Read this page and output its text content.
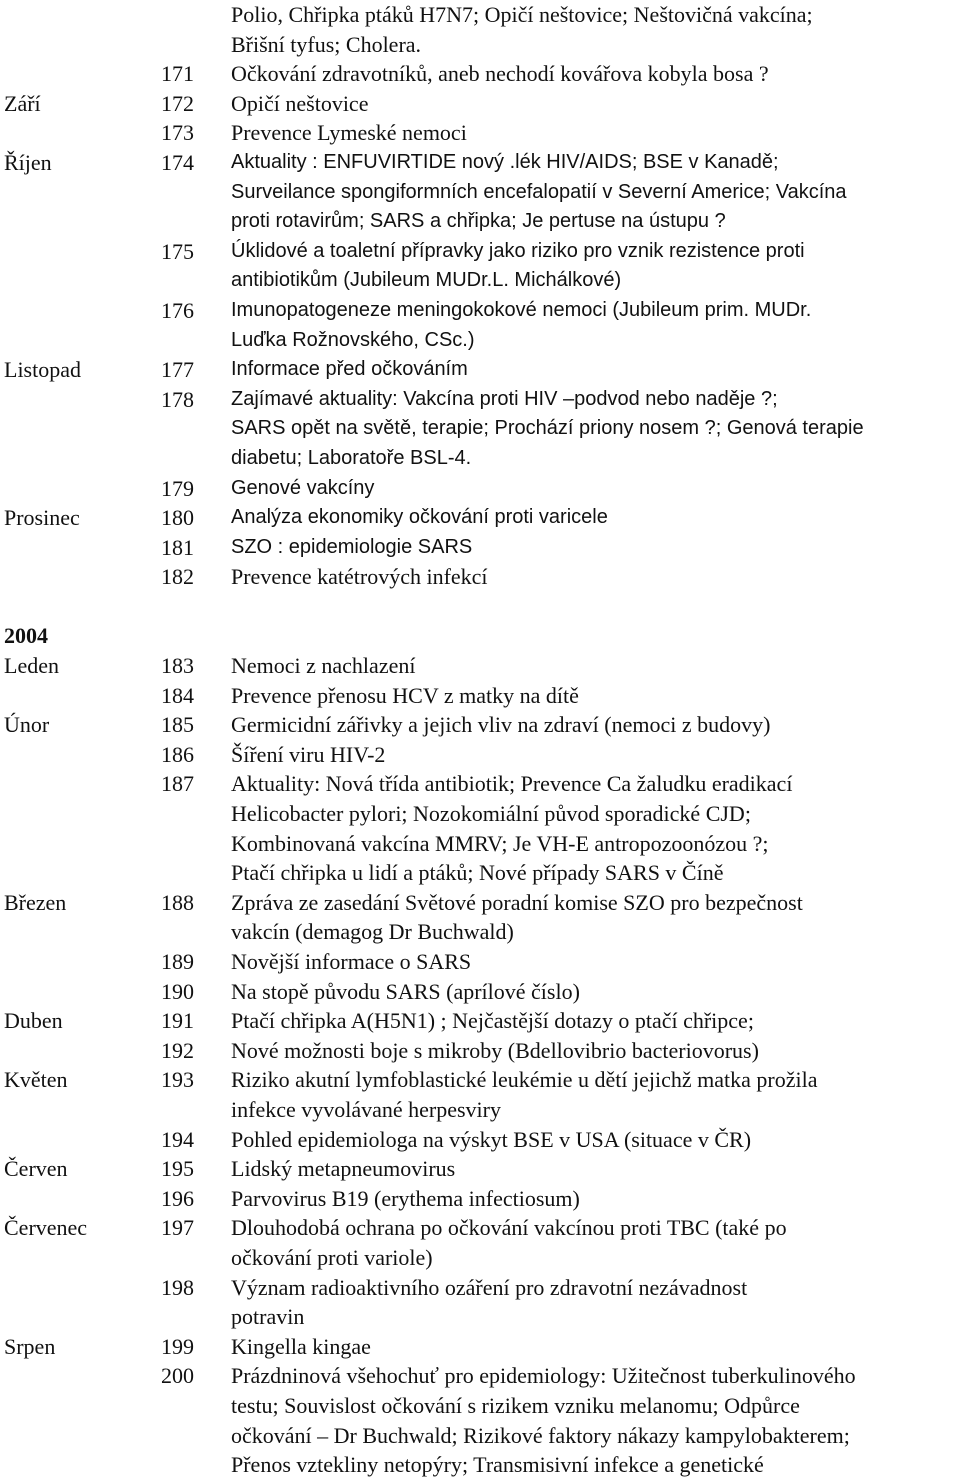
Polio, Chřipka ptáků H7N7; Opičí neštovice; Neštovičná vakcína;
Břišní tyfus; Cholera.
171 Očkování zdravotníků, aneb nechodí kovářova kobyla bosa ?
Září	172 Opičí neštovice
173 Prevence Lymeské nemoci
Říjen	174 Aktuality : ENFUVIRTIDE nový .lék HIV/AIDS; BSE v Kanadě;
Surveilance spongiformních encefalopatií v Severní Americe; Vakcína
proti rotavirům; SARS a chřipka; Je pertuse na ústupu ?
175 Úklidové a toaletní přípravky jako riziko pro vznik rezistence proti
antibiotikům (Jubileum MUDr.L. Michálkové)
176 Imunopatogeneze meningokokové nemoci (Jubileum prim. MUDr.
Luďka Rožnovského, CSc.)
Listopad	177 Informace před očkováním
178 Zajímavé aktuality: Vakcína proti HIV –podvod nebo naděje ?;
SARS opět na světě, terapie; Prochází priony nosem ?; Genová terapie
diabetu; Laboratoře BSL-4.
179 Genové vakcíny
Prosinec	180 Analýza ekonomiky očkování proti varicele
181 SZO : epidemiologie SARS
182 Prevence katétrových infekcí
2004
Leden	183 Nemoci z nachlazení
184 Prevence přenosu HCV z matky na dítě
Únor	185 Germicidní zářivky a jejich vliv na zdraví (nemoci z budovy)
186 Šíření viru HIV-2
187 Aktuality: Nová třída antibiotik; Prevence Ca žaludku eradikací
Helicobacter pylori; Nozokomiální původ sporadické CJD;
Kombinovaná vakcína MMRV; Je VH-E antropozoonózou ?;
Ptačí chřipka u lidí a ptáků; Nové případy SARS v Číně
Březen	188 Zpráva ze zasedání Světové poradní komise SZO pro bezpečnost
vakcín (demagog Dr Buchwald)
189 Novější informace o SARS
190 Na stopě původu SARS (aprílové číslo)
Duben	191 Ptačí chřipka A(H5N1) ; Nejčastější dotazy o ptačí chřipce;
192 Nové možnosti boje s mikroby (Bdellovibrio bacteriovorus)
Květen	193 Riziko akutní lymfoblastické leukémie u dětí jejichž matka prožila
infekce vyvolávané herpesviry
194 Pohled epidemiologa na výskyt BSE v USA (situace v ČR)
Červen	195 Lidský metapneumovirus
196 Parvovirus B19 (erythema infectiosum)
Červenec	197 Dlouhodobá ochrana po očkování vakcínou proti TBC (také po
očkování proti variole)
198 Význam radioaktivního ozáření pro zdravotní nezávadnost
potravin
Srpen	199 Kingella kingae
200 Prázdninová všehochuť pro epidemiology: Užitečnost tuberkulinového
testu; Souvislost očkování s rizikem vzniku melanomu; Odpůrce
očkování – Dr Buchwald; Rizikové faktory nákazy kampylobakterem;
Přenos vztekliny netopýry; Transmisivní infekce a genetické
